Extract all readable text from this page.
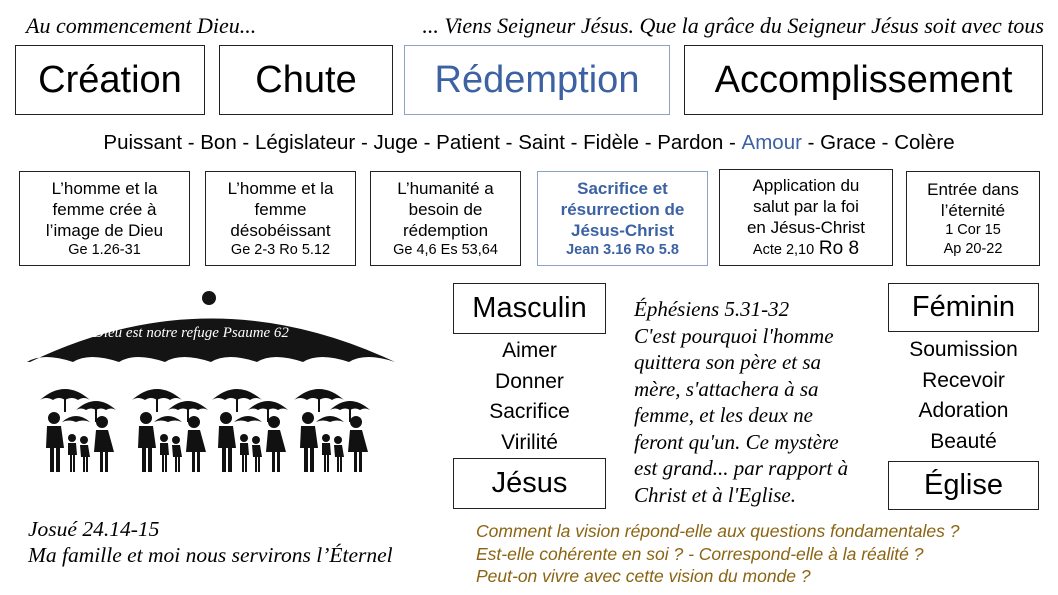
Au commencement Dieu...	... Viens Seigneur Jésus. Que la grâce du Seigneur Jésus soit avec tous
Création Chute Rédemption Accomplissement
Puissant - Bon - Législateur - Juge - Patient - Saint - Fidèle - Pardon - Amour - Grace - Colère
L’homme et la
femme crée à
l’image de Dieu
Ge 1.26-31
L’homme et la
femme
désobéissant
Ge 2-3 Ro 5.12
L’humanité a
besoin de
rédemption
Ge 4,6 Es 53,64
Sacrifice et
résurrection de
Jésus-Christ
Jean 3.16 Ro 5.8
Application du
salut par la foi
en Jésus-Christ
Acte 2,10 Ro 8
Entrée dans
l’éternité
1 Cor 15
Ap 20-22
Dieu est notre refuge Psaume 62
Masculin
Aimer
Donner
Sacrifice
Virilité
Jésus
Éphésiens 5.31-32
C'est pourquoi l'homme
quittera son père et sa
mère, s'attachera à sa
femme, et les deux ne
feront qu'un. Ce mystère
est grand... par rapport à
Christ et à l'Eglise.
Féminin
Soumission
Recevoir
Adoration
Beauté
Église
Josué 24.14-15
Ma famille et moi nous servirons l’Éternel
Comment la vision répond-elle aux questions fondamentales ?
Est-elle cohérente en soi ? - Correspond-elle à la réalité ?
Peut-on vivre avec cette vision du monde ?
